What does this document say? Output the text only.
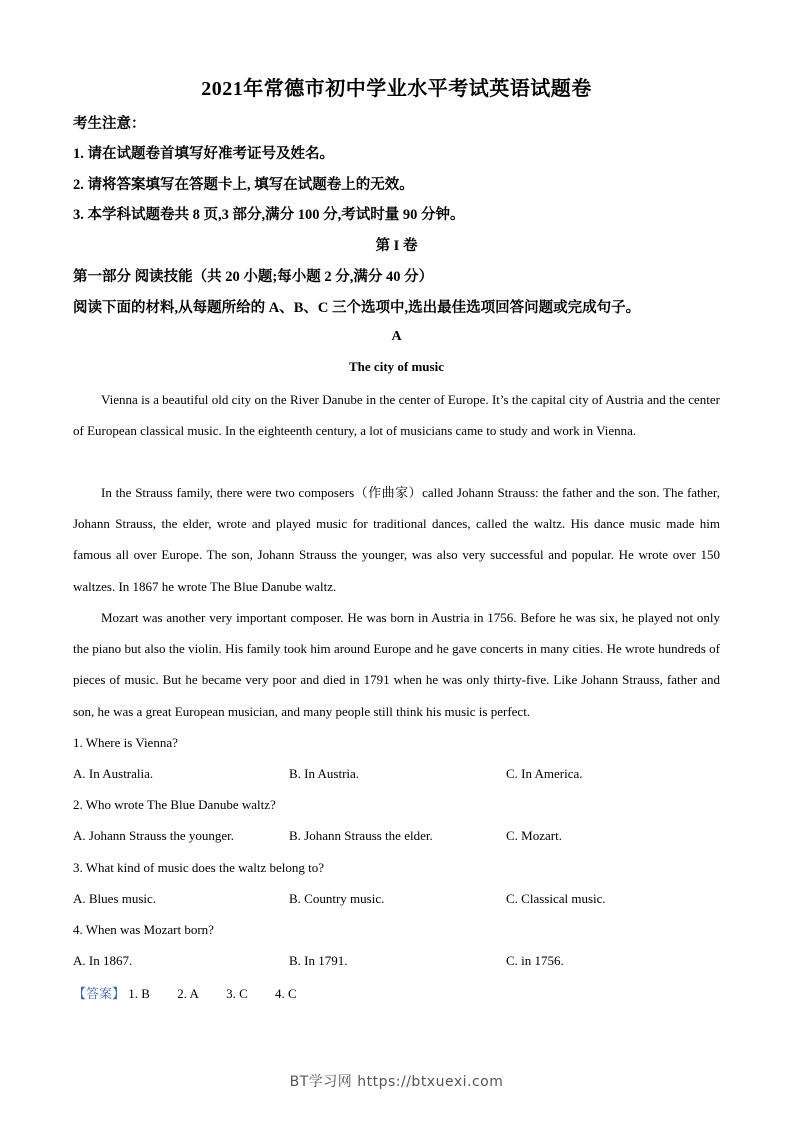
2021年常德市初中学业水平考试英语试题卷
考生注意：
1. 请在试题卷首填写好准考证号及姓名。
2. 请将答案填写在答题卡上, 填写在试题卷上的无效。
3. 本学科试题卷共 8 页,3 部分,满分 100 分,考试时量 90 分钟。
第 I 卷
第一部分 阅读技能（共 20 小题;每小题 2 分,满分 40 分）
阅读下面的材料,从每题所给的 A、B、C 三个选项中,选出最佳选项回答问题或完成句子。
A
The city of music

Vienna is a beautiful old city on the River Danube in the center of Europe. It’s the capital city of Austria and the center of European classical music. In the eighteenth century, a lot of musicians came to study and work in Vienna.

In the Strauss family, there were two composers（作曲家）called Johann Strauss: the father and the son. The father, Johann Strauss, the elder, wrote and played music for traditional dances, called the waltz. His dance music made him famous all over Europe. The son, Johann Strauss the younger, was also very successful and popular. He wrote over 150 waltzes. In 1867 he wrote The Blue Danube waltz.

Mozart was another very important composer. He was born in Austria in 1756. Before he was six, he played not only the piano but also the violin. His family took him around Europe and he gave concerts in many cities. He wrote hundreds of pieces of music. But he became very poor and died in 1791 when he was only thirty-five. Like Johann Strauss, father and son, he was a great European musician, and many people still think his music is perfect.

1. Where is Vienna?
A. In Australia.	B. In Austria.	C. In America.
2. Who wrote The Blue Danube waltz?
A. Johann Strauss the younger.	B. Johann Strauss the elder.	C. Mozart.
3. What kind of music does the waltz belong to?
A. Blues music.	B. Country music.	C. Classical music.
4. When was Mozart born?
A. In 1867.	B. In 1791.	C. in 1756.
【答案】 1. B 2. A 3. C 4. C
BT学习网 https://btxuexi.com
